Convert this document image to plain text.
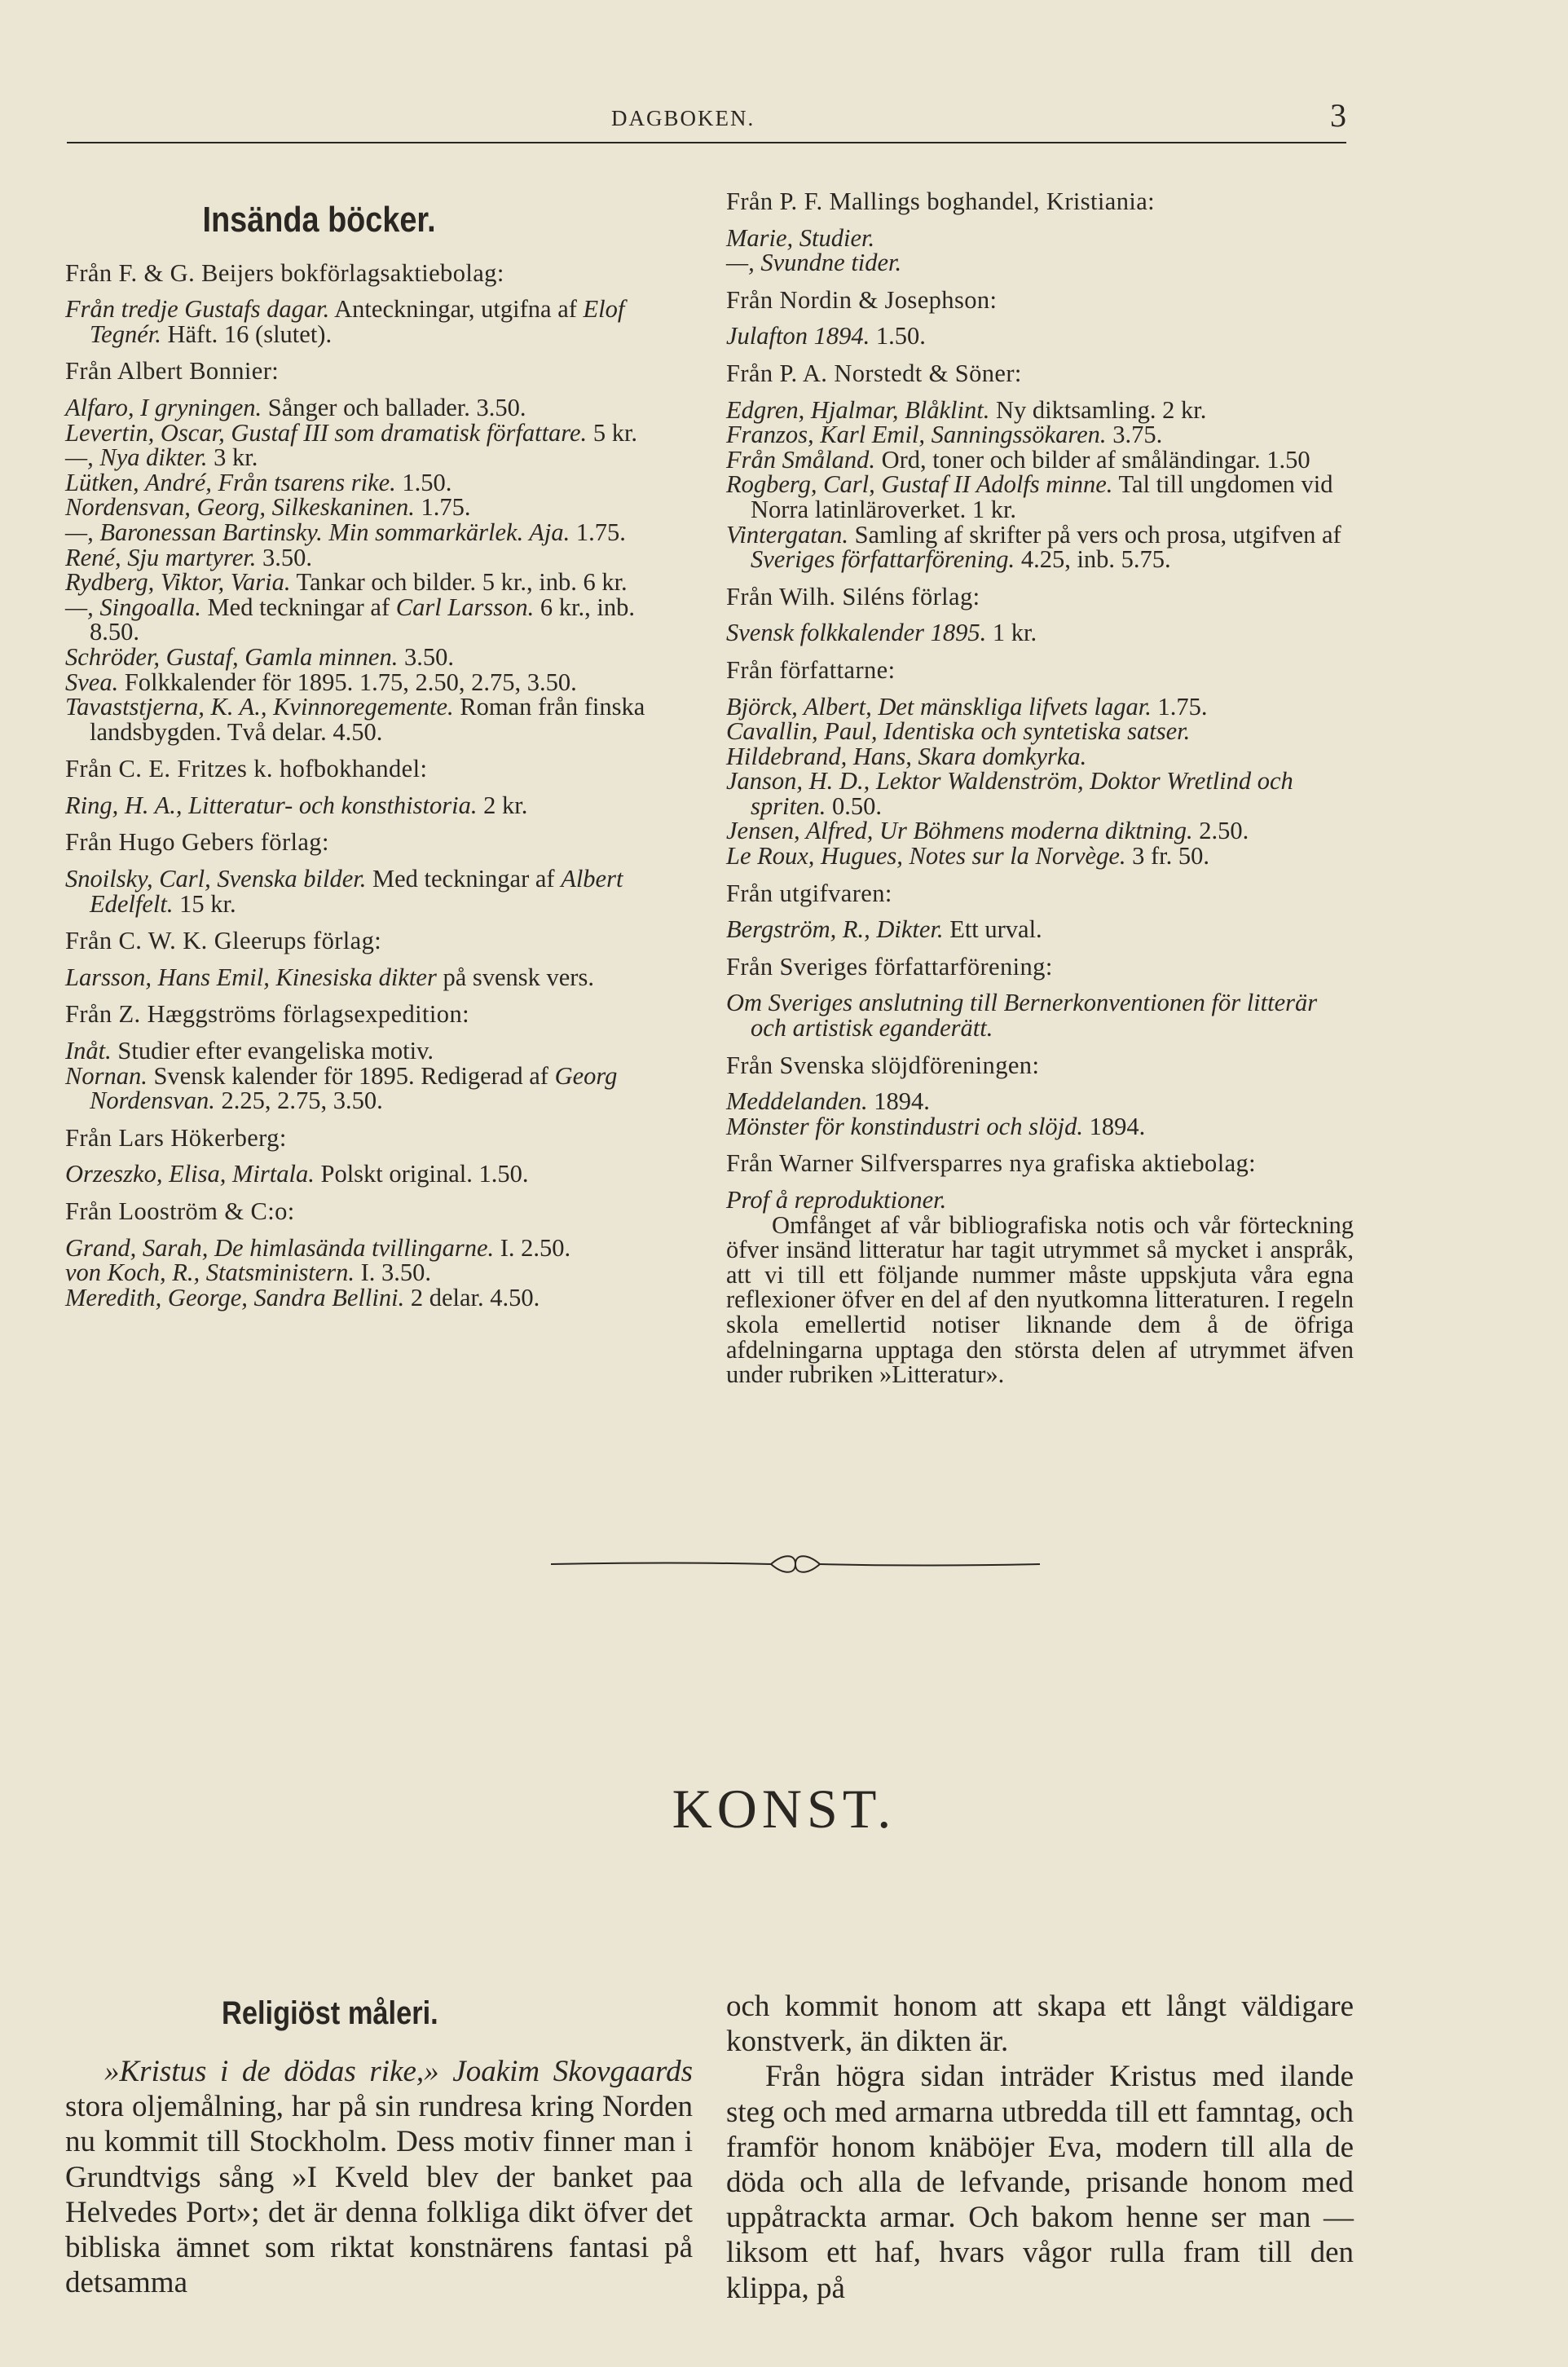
DAGBOKEN.	3
Insända böcker.

Från F. & G. Beijers bokförlagsaktiebolag:

Från tredje Gustafs dagar. Anteckningar, utgifna af Elof Tegnér. Häft. 16 (slutet).

Från Albert Bonnier:

Alfaro, I gryningen. Sånger och ballader. 3.50.

Levertin, Oscar, Gustaf III som dramatisk författare. 5 kr.

—, Nya dikter. 3 kr.

Lütken, André, Från tsarens rike. 1.50.

Nordensvan, Georg, Silkeskaninen. 1.75.

—, Baronessan Bartinsky. Min sommarkärlek. Aja. 1.75.

René, Sju martyrer. 3.50.

Rydberg, Viktor, Varia. Tankar och bilder. 5 kr., inb. 6 kr.

—, Singoalla. Med teckningar af Carl Larsson. 6 kr., inb. 8.50.

Schröder, Gustaf, Gamla minnen. 3.50.

Svea. Folkkalender för 1895. 1.75, 2.50, 2.75, 3.50.

Tavaststjerna, K. A., Kvinnoregemente. Roman från finska landsbygden. Två delar. 4.50.

Från C. E. Fritzes k. hofbokhandel:

Ring, H. A., Litteratur- och konsthistoria. 2 kr.

Från Hugo Gebers förlag:

Snoilsky, Carl, Svenska bilder. Med teckningar af Albert Edelfelt. 15 kr.

Från C. W. K. Gleerups förlag:

Larsson, Hans Emil, Kinesiska dikter på svensk vers.

Från Z. Hæggströms förlagsexpedition:

Inåt. Studier efter evangeliska motiv.

Nornan. Svensk kalender för 1895. Redigerad af Georg Nordensvan. 2.25, 2.75, 3.50.

Från Lars Hökerberg:

Orzeszko, Elisa, Mirtala. Polskt original. 1.50.

Från Looström & C:o:

Grand, Sarah, De himlasända tvillingarne. I. 2.50.

von Koch, R., Statsministern. I. 3.50.

Meredith, George, Sandra Bellini. 2 delar. 4.50.

Från P. F. Mallings boghandel, Kristiania:

Marie, Studier.

—, Svundne tider.

Från Nordin & Josephson:

Julafton 1894. 1.50.

Från P. A. Norstedt & Söner:

Edgren, Hjalmar, Blåklint. Ny diktsamling. 2 kr.

Franzos, Karl Emil, Sanningssökaren. 3.75.

Från Småland. Ord, toner och bilder af småländingar. 1.50

Rogberg, Carl, Gustaf II Adolfs minne. Tal till ungdomen vid Norra latinläroverket. 1 kr.

Vintergatan. Samling af skrifter på vers och prosa, utgifven af Sveriges författarförening. 4.25, inb. 5.75.

Från Wilh. Siléns förlag:

Svensk folkkalender 1895. 1 kr.

Från författarne:

Björck, Albert, Det mänskliga lifvets lagar. 1.75.

Cavallin, Paul, Identiska och syntetiska satser.

Hildebrand, Hans, Skara domkyrka.

Janson, H. D., Lektor Waldenström, Doktor Wretlind och spriten. 0.50.

Jensen, Alfred, Ur Böhmens moderna diktning. 2.50.

Le Roux, Hugues, Notes sur la Norvège. 3 fr. 50.

Från utgifvaren:

Bergström, R., Dikter. Ett urval.

Från Sveriges författarförening:

Om Sveriges anslutning till Bernerkonventionen för litterär och artistisk eganderätt.

Från Svenska slöjdföreningen:

Meddelanden. 1894.

Mönster för konstindustri och slöjd. 1894.

Från Warner Silfversparres nya grafiska aktiebolag:

Prof å reproduktioner.

Omfånget af vår bibliografiska notis och vår förteckning öfver insänd litteratur har tagit utrymmet så mycket i anspråk, att vi till ett följande nummer måste uppskjuta våra egna reflexioner öfver en del af den nyutkomna litteraturen. I regeln skola emellertid notiser liknande dem å de öfriga afdelningarna upptaga den största delen af utrymmet äfven under rubriken »Litteratur».

KONST.
Religiöst måleri.

»Kristus i de dödas rike,» Joakim Skovgaards stora oljemålning, har på sin rundresa kring Norden nu kommit till Stockholm. Dess motiv finner man i Grundtvigs sång »I Kveld blev der banket paa Helvedes Port»; det är denna folkliga dikt öfver det bibliska ämnet som riktat konstnärens fantasi på detsamma

och kommit honom att skapa ett långt väldigare konstverk, än dikten är.

Från högra sidan inträder Kristus med ilande steg och med armarna utbredda till ett famntag, och framför honom knäböjer Eva, modern till alla de döda och alla de lefvande, prisande honom med uppåtrackta armar. Och bakom henne ser man — liksom ett haf, hvars vågor rulla fram till den klippa, på
